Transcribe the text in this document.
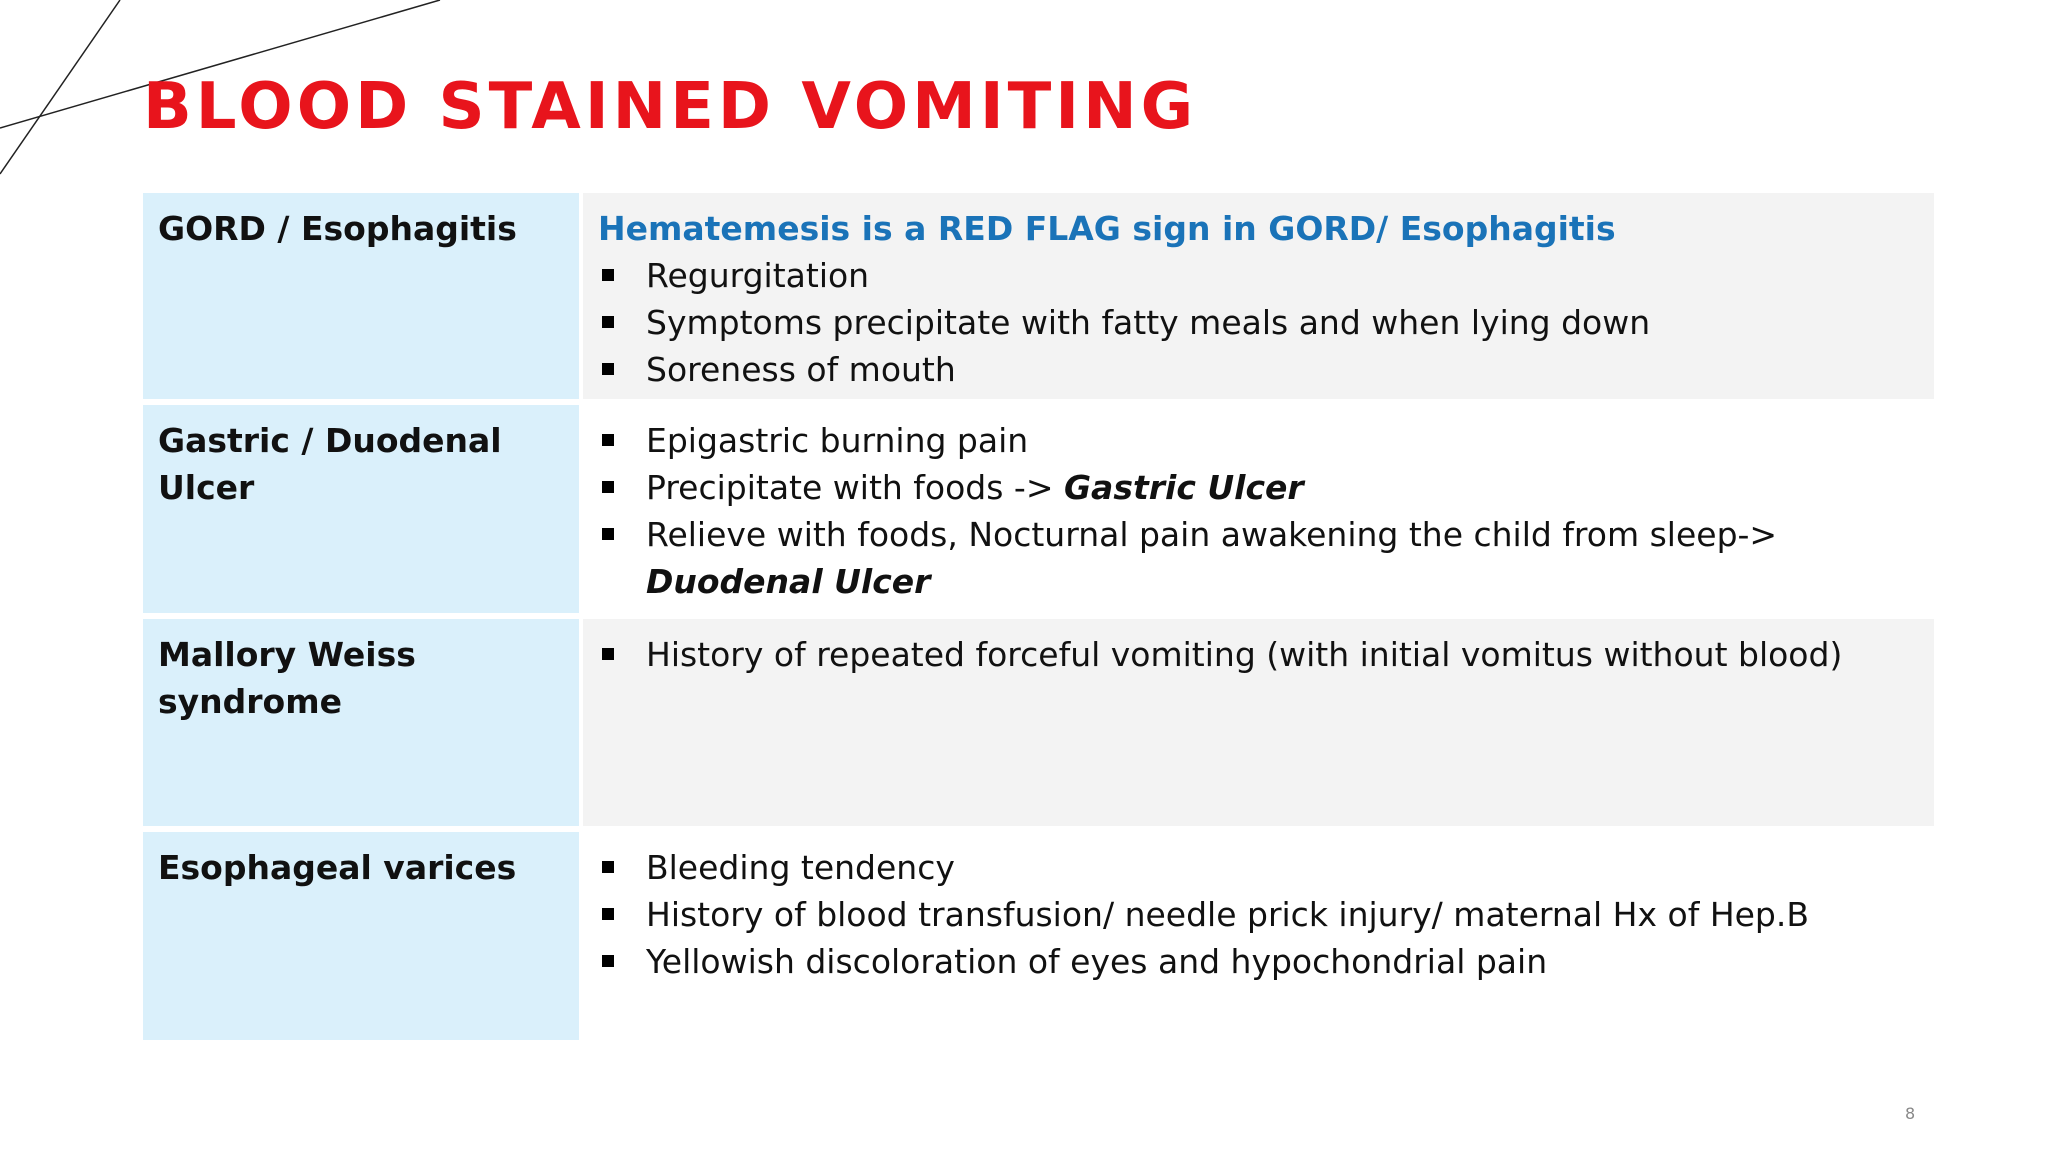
BLOOD STAINED VOMITING
GORD / Esophagitis	Hematemesis is a RED FLAG sign in GORD/ Esophagitis
Regurgitation
Symptoms precipitate with fatty meals and when lying down
Soreness of mouth
Gastric / Duodenal Ulcer
Epigastric burning pain
Precipitate with foods -> Gastric Ulcer
Relieve with foods, Nocturnal pain awakening the child from sleep-> Duodenal Ulcer
Mallory Weiss syndrome
History of repeated forceful vomiting (with initial vomitus without blood)
Esophageal varices	Bleeding tendency
History of blood transfusion/ needle prick injury/ maternal Hx of Hep.B
Yellowish discoloration of eyes and hypochondrial pain
8
